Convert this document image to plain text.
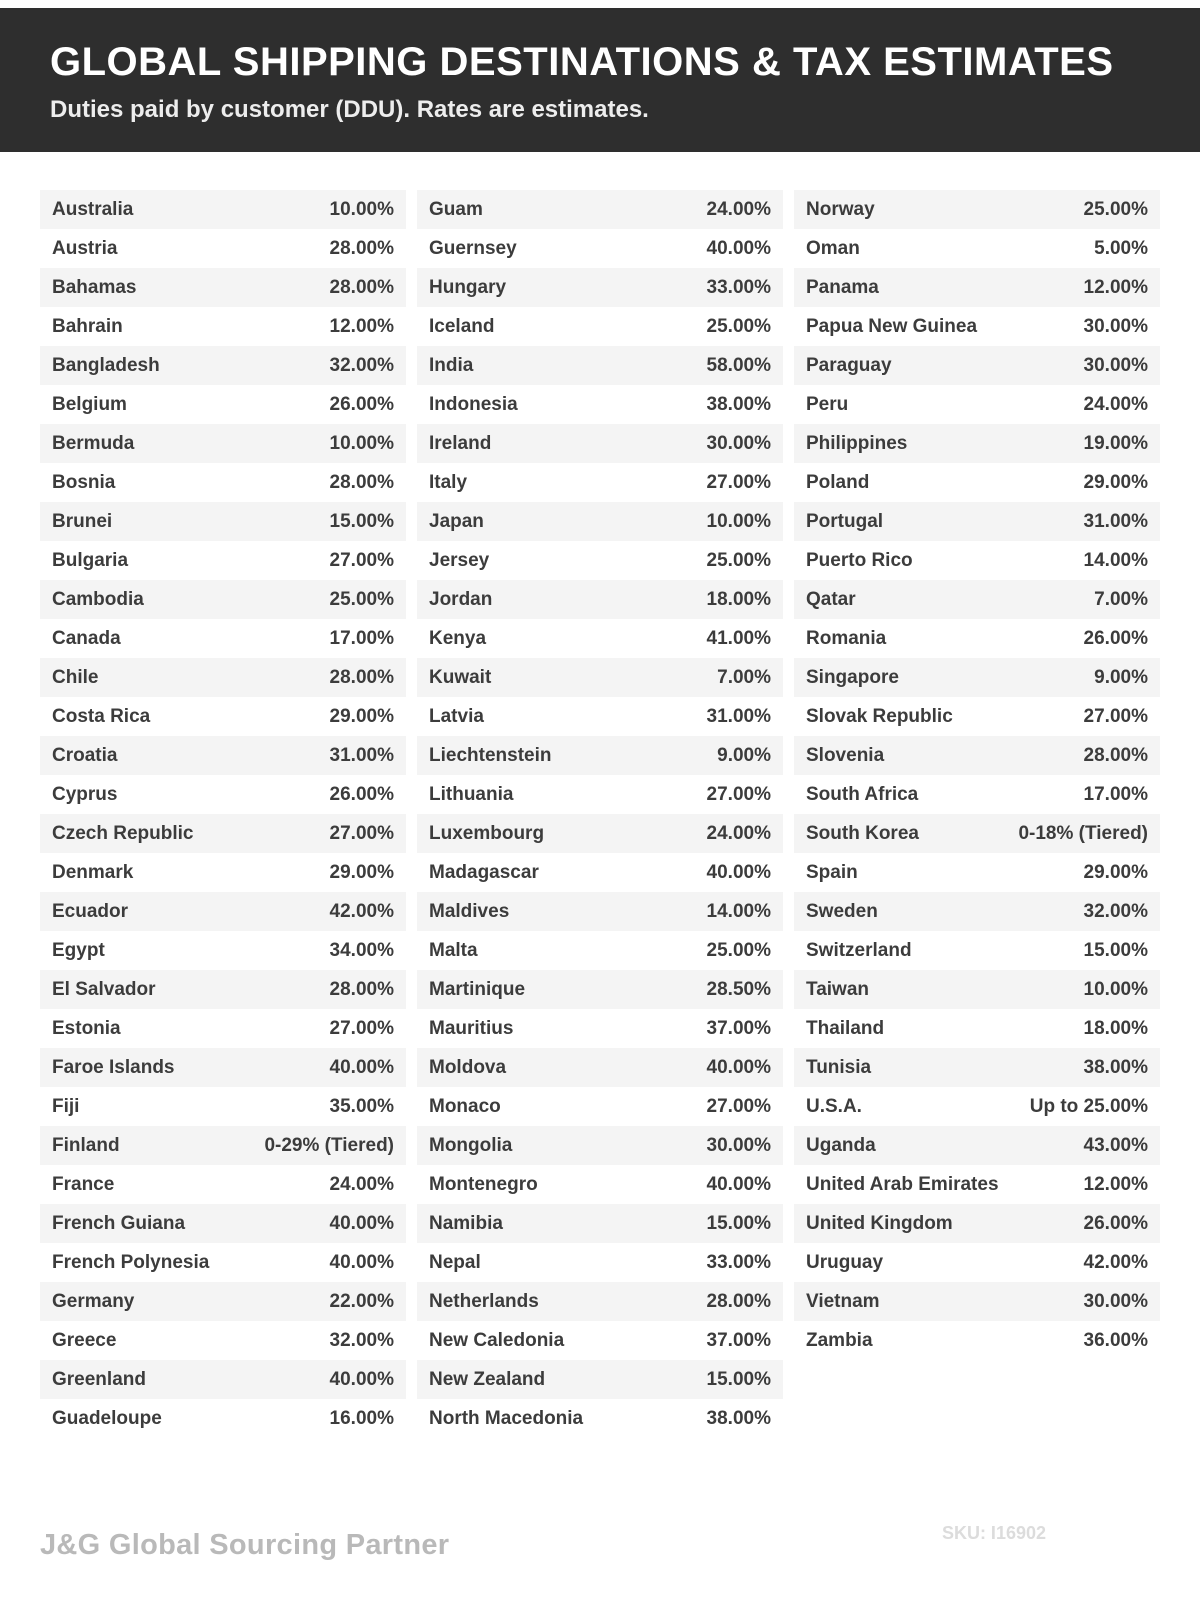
GLOBAL SHIPPING DESTINATIONS & TAX ESTIMATES

Duties paid by customer (DDU). Rates are estimates.

Australia	10.00%
Austria	28.00%
Bahamas	28.00%
Bahrain	12.00%
Bangladesh	32.00%
Belgium	26.00%
Bermuda	10.00%
Bosnia	28.00%
Brunei	15.00%
Bulgaria	27.00%
Cambodia	25.00%
Canada	17.00%
Chile	28.00%
Costa Rica	29.00%
Croatia	31.00%
Cyprus	26.00%
Czech Republic	27.00%
Denmark	29.00%
Ecuador	42.00%
Egypt	34.00%
El Salvador	28.00%
Estonia	27.00%
Faroe Islands	40.00%
Fiji	35.00%
Finland	0-29% (Tiered)
France	24.00%
French Guiana	40.00%
French Polynesia	40.00%
Germany	22.00%
Greece	32.00%
Greenland	40.00%
Guadeloupe	16.00%
Guam	24.00%
Guernsey	40.00%
Hungary	33.00%
Iceland	25.00%
India	58.00%
Indonesia	38.00%
Ireland	30.00%
Italy	27.00%
Japan	10.00%
Jersey	25.00%
Jordan	18.00%
Kenya	41.00%
Kuwait	7.00%
Latvia	31.00%
Liechtenstein	9.00%
Lithuania	27.00%
Luxembourg	24.00%
Madagascar	40.00%
Maldives	14.00%
Malta	25.00%
Martinique	28.50%
Mauritius	37.00%
Moldova	40.00%
Monaco	27.00%
Mongolia	30.00%
Montenegro	40.00%
Namibia	15.00%
Nepal	33.00%
Netherlands	28.00%
New Caledonia	37.00%
New Zealand	15.00%
North Macedonia	38.00%
Norway	25.00%
Oman	5.00%
Panama	12.00%
Papua New Guinea	30.00%
Paraguay	30.00%
Peru	24.00%
Philippines	19.00%
Poland	29.00%
Portugal	31.00%
Puerto Rico	14.00%
Qatar	7.00%
Romania	26.00%
Singapore	9.00%
Slovak Republic	27.00%
Slovenia	28.00%
South Africa	17.00%
South Korea	0-18% (Tiered)
Spain	29.00%
Sweden	32.00%
Switzerland	15.00%
Taiwan	10.00%
Thailand	18.00%
Tunisia	38.00%
U.S.A.	Up to 25.00%
Uganda	43.00%
United Arab Emirates	12.00%
United Kingdom	26.00%
Uruguay	42.00%
Vietnam	30.00%
Zambia	36.00%
J&G Global Sourcing Partner	SKU: I16902
